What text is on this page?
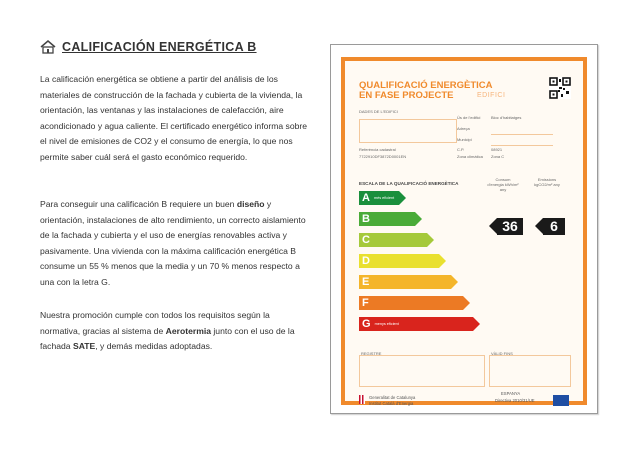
CALIFICACIÓN ENERGÉTICA B
La calificación energética se obtiene a partir del análisis de los materiales de construcción de la fachada y cubierta de la vivienda, la orientación, las ventanas y las instalaciones de calefacción, aire acondicionado y agua caliente. El certificado energético informa sobre el nivel de emisiones de CO2 y el consumo de energía, lo que nos permite saber cuál será el gasto económico requerido.
Para conseguir una calificación B requiere un buen diseño y orientación, instalaciones de alto rendimiento, un correcto aislamiento de la fachada y cubierta y el uso de energías renovables activa y pasivamente. Una vivienda con la máxima calificación energética B consume un 55 % menos que la media y un 70 % menos respecto a una con la letra G.
Nuestra promoción cumple con todos los requisitos según la normativa, gracias al sistema de Aerotermia junto con el uso de la fachada SATE, y demás medidas adoptadas.
QUALIFICACIÓ ENERGÈTICA
EN FASE PROJECTE	EDIFICI
DADES DE L'EDIFICI
Ús de l'edifici	Bloc d'habitatges
Adreça
Municipi
Referència cadastral
7722910DF3872D0001EN
C.P.	08921
Zona climàtica Zona C
ESCALA DE LA QUALIFICACIÓ ENERGÈTICA
Consum d'energia kWh/m² any
Emissions kgCO2/m² any
A més eficient
B
C
D
E
F
G menys eficient
36	6
REGISTRE	VÀLID FINS
Generalitat de Catalunya
Institut Català d'Energia
ESPANYA
Directiva 2010/31/UE
